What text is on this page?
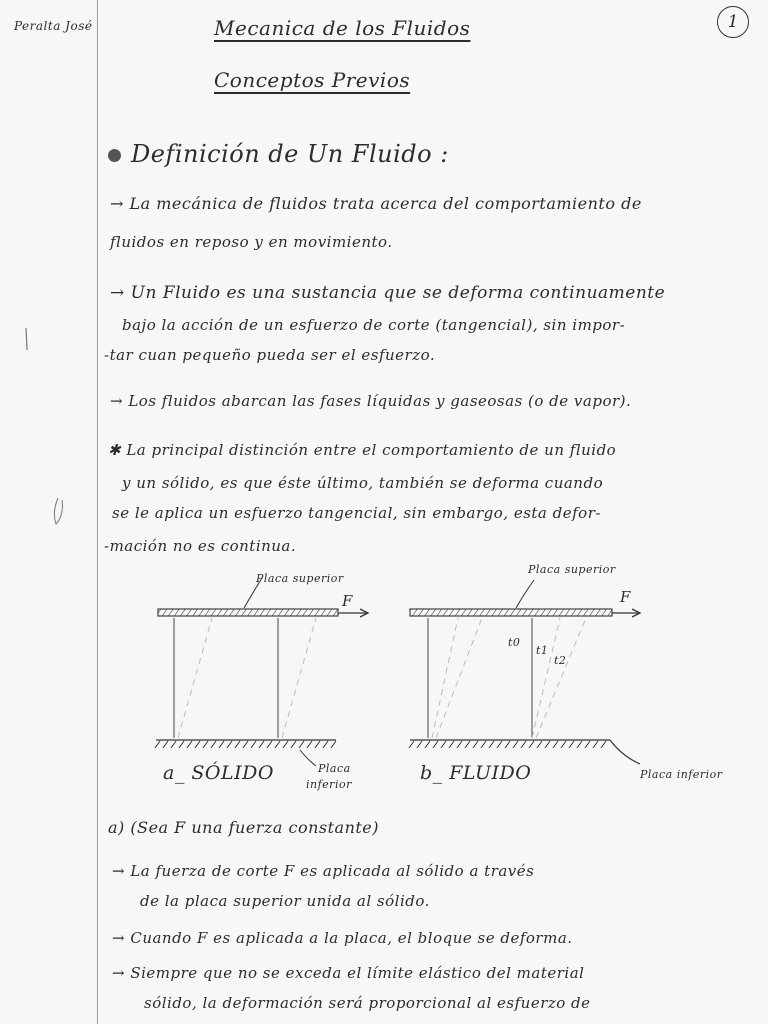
Peralta José	1
Mecanica de los Fluidos
Conceptos Previos
Definición de Un Fluido :
→ La mecánica de fluidos trata acerca del comportamiento de
fluidos en reposo y en movimiento.
→ Un Fluido es una sustancia que se deforma continuamente
bajo la acción de un esfuerzo de corte (tangencial), sin impor-
-tar cuan pequeño pueda ser el esfuerzo.
→ Los fluidos abarcan las fases líquidas y gaseosas (o de vapor).
✱ La principal distinción entre el comportamiento de un fluido
y un sólido, es que éste último, también se deforma cuando
se le aplica un esfuerzo tangencial, sin embargo, esta defor-
-mación no es continua.
Placa superior
F
Placa
inferior
a_ SÓLIDO
Placa superior
F
t0
t1
t2
Placa inferior
b_ FLUIDO
a) (Sea F una fuerza constante)
→ La fuerza de corte F es aplicada al sólido a través
de la placa superior unida al sólido.
→ Cuando F es aplicada a la placa, el bloque se deforma.
→ Siempre que no se exceda el límite elástico del material
sólido, la deformación será proporcional al esfuerzo de
